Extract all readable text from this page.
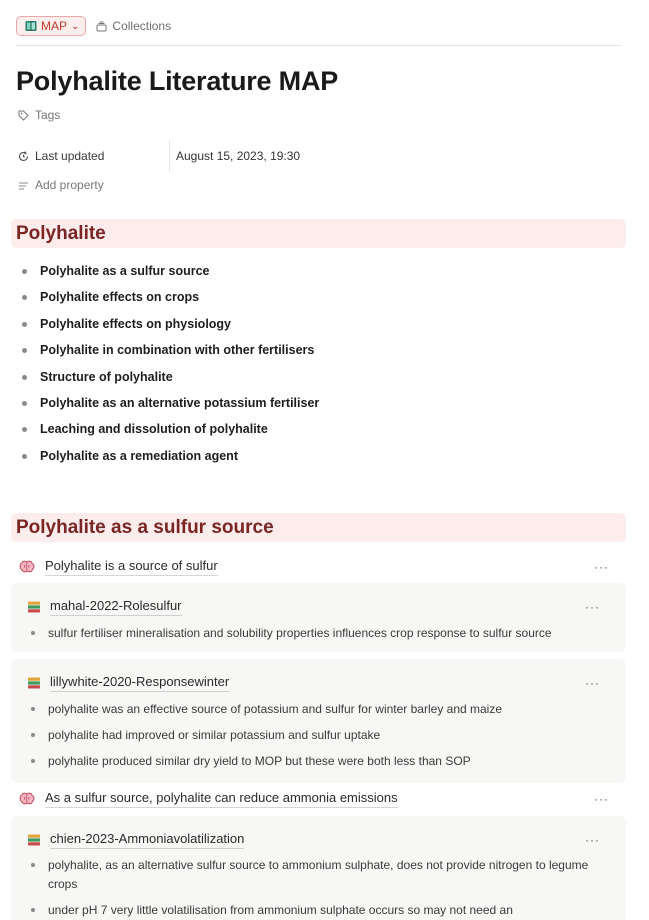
MAP ⌄	Collections
Polyhalite Literature MAP
Tags
Last updated	August 15, 2023, 19:30
Add property
Polyhalite
Polyhalite as a sulfur source
Polyhalite effects on crops
Polyhalite effects on physiology
Polyhalite in combination with other fertilisers
Structure of polyhalite
Polyhalite as an alternative potassium fertiliser
Leaching and dissolution of polyhalite
Polyhalite as a remediation agent
Polyhalite as a sulfur source
Polyhalite is a source of sulfur	···
mahal-2022-Rolesulfur	···
sulfur fertiliser mineralisation and solubility properties influences crop response to sulfur source
lillywhite-2020-Responsewinter	···
polyhalite was an effective source of potassium and sulfur for winter barley and maize
polyhalite had improved or similar potassium and sulfur uptake
polyhalite produced similar dry yield to MOP but these were both less than SOP
As a sulfur source, polyhalite can reduce ammonia emissions	···
chien-2023-Ammoniavolatilization	···
polyhalite, as an alternative sulfur source to ammonium sulphate, does not provide nitrogen to legume crops
under pH 7 very little volatilisation from ammonium sulphate occurs so may not need an
